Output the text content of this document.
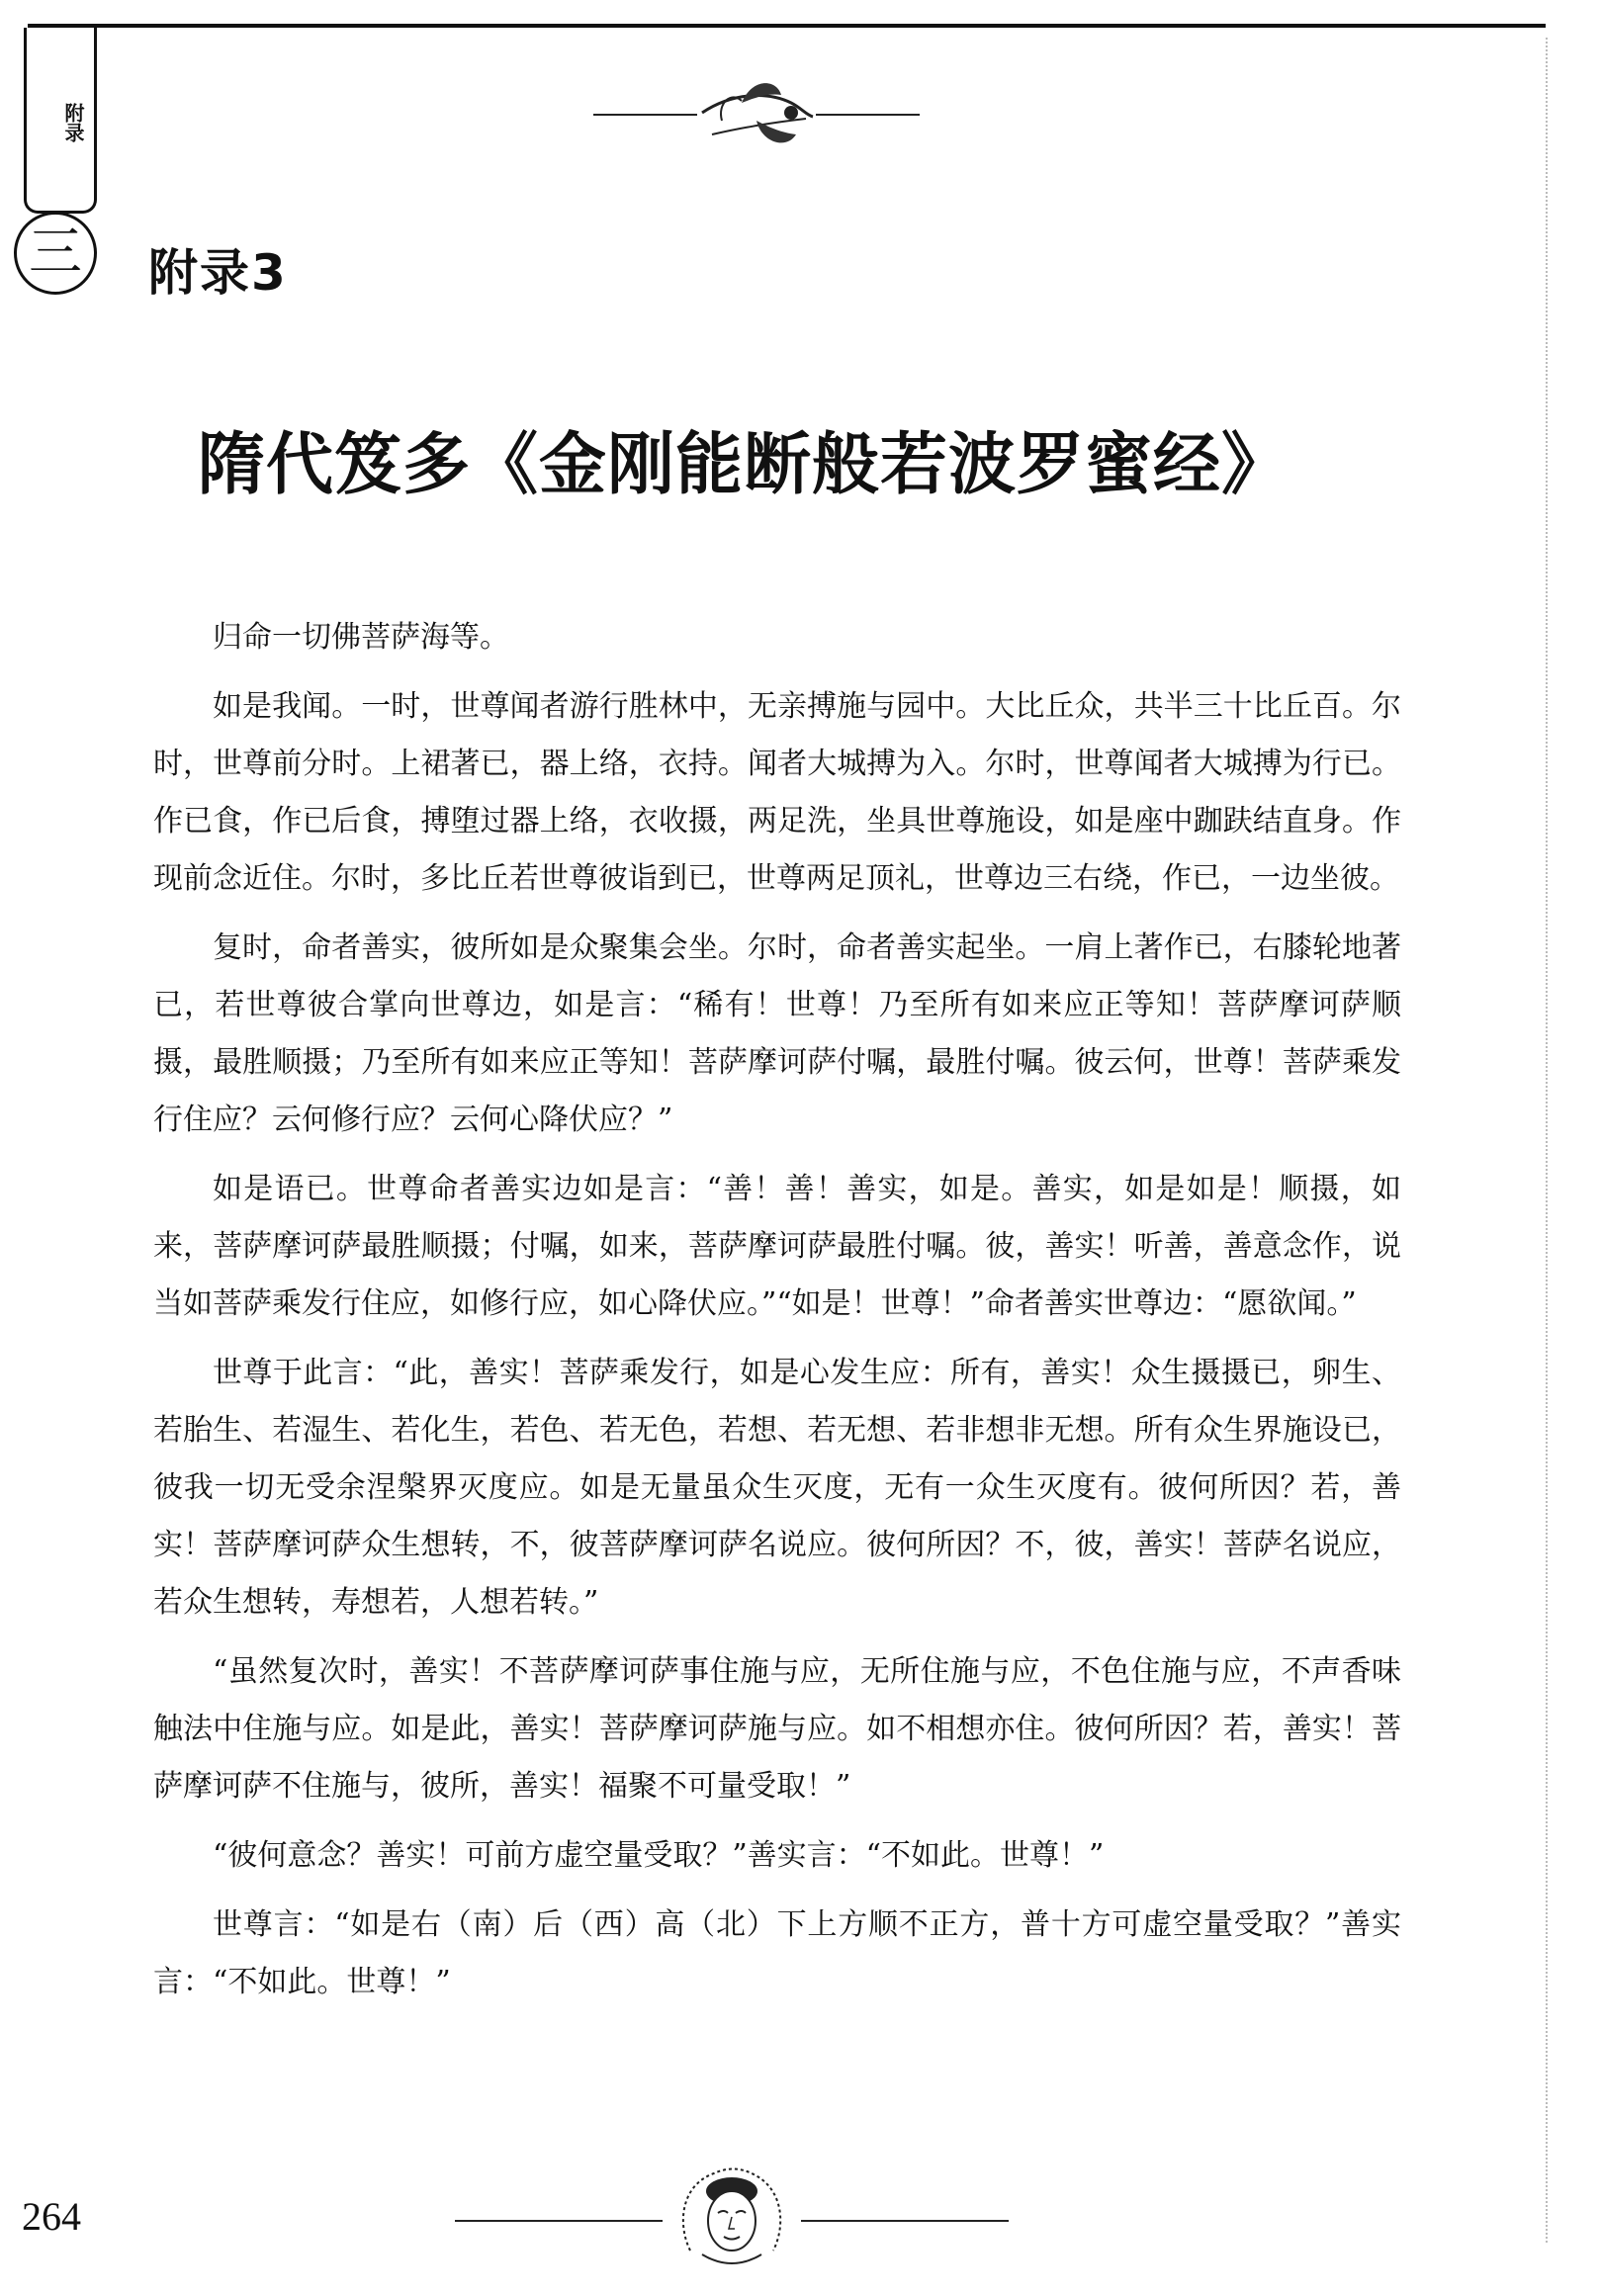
附录
三	附录3
隋代笈多《金刚能断般若波罗蜜经》

归命一切佛菩萨海等。

如是我闻。一时，世尊闻者游行胜林中，无亲搏施与园中。大比丘众，共半三十比丘百。尔时，世尊前分时。上裙著已，器上络，衣持。闻者大城搏为入。尔时，世尊闻者大城搏为行已。作已食，作已后食，搏堕过器上络，衣收摄，两足洗，坐具世尊施设，如是座中跏趺结直身。作现前念近住。尔时，多比丘若世尊彼诣到已，世尊两足顶礼，世尊边三右绕，作已，一边坐彼。

复时，命者善实，彼所如是众聚集会坐。尔时，命者善实起坐。一肩上著作已，右膝轮地著已，若世尊彼合掌向世尊边，如是言：“稀有！世尊！乃至所有如来应正等知！菩萨摩诃萨顺摄，最胜顺摄；乃至所有如来应正等知！菩萨摩诃萨付嘱，最胜付嘱。彼云何，世尊！菩萨乘发行住应？云何修行应？云何心降伏应？”

如是语已。世尊命者善实边如是言：“善！善！善实，如是。善实，如是如是！顺摄，如来，菩萨摩诃萨最胜顺摄；付嘱，如来，菩萨摩诃萨最胜付嘱。彼，善实！听善，善意念作，说当如菩萨乘发行住应，如修行应，如心降伏应。”“如是！世尊！”命者善实世尊边：“愿欲闻。”

世尊于此言：“此，善实！菩萨乘发行，如是心发生应：所有，善实！众生摄摄已，卵生、若胎生、若湿生、若化生，若色、若无色，若想、若无想、若非想非无想。所有众生界施设已，彼我一切无受余涅槃界灭度应。如是无量虽众生灭度，无有一众生灭度有。彼何所因？若，善实！菩萨摩诃萨众生想转，不，彼菩萨摩诃萨名说应。彼何所因？不，彼，善实！菩萨名说应，若众生想转，寿想若，人想若转。”

“虽然复次时，善实！不菩萨摩诃萨事住施与应，无所住施与应，不色住施与应，不声香味触法中住施与应。如是此，善实！菩萨摩诃萨施与应。如不相想亦住。彼何所因？若，善实！菩萨摩诃萨不住施与，彼所，善实！福聚不可量受取！”

“彼何意念？善实！可前方虚空量受取？”善实言：“不如此。世尊！”

世尊言：“如是右（南）后（西）高（北）下上方顺不正方，普十方可虚空量受取？”善实言：“不如此。世尊！”

264
